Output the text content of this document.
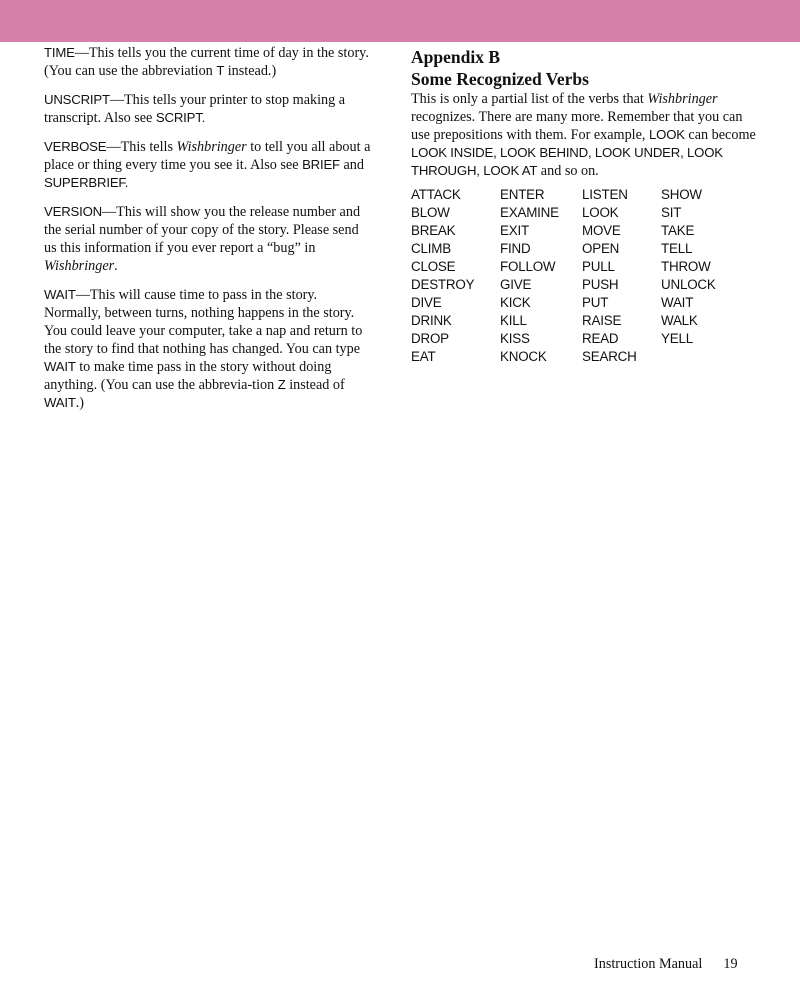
TIME—This tells you the current time of day in the story. (You can use the abbreviation T instead.)

UNSCRIPT—This tells your printer to stop making a transcript. Also see SCRIPT.

VERBOSE—This tells Wishbringer to tell you all about a place or thing every time you see it. Also see BRIEF and SUPERBRIEF.

VERSION—This will show you the release number and the serial number of your copy of the story. Please send us this information if you ever report a “bug” in Wishbringer.

WAIT—This will cause time to pass in the story. Normally, between turns, nothing happens in the story. You could leave your computer, take a nap and return to the story to find that nothing has changed. You can type WAIT to make time pass in the story without doing anything. (You can use the abbrevia-tion Z instead of WAIT.)

Appendix B
Some Recognized Verbs

This is only a partial list of the verbs that Wishbringer recognizes. There are many more. Remember that you can use prepositions with them. For example, LOOK can become LOOK INSIDE, LOOK BEHIND, LOOK UNDER, LOOK THROUGH, LOOK AT and so on.

ATTACK
BLOW
BREAK
CLIMB
CLOSE
DESTROY
DIVE
DRINK
DROP
EAT
ENTER
EXAMINE
EXIT
FIND
FOLLOW
GIVE
KICK
KILL
KISS
KNOCK
LISTEN
LOOK
MOVE
OPEN
PULL
PUSH
PUT
RAISE
READ
SEARCH
SHOW
SIT
TAKE
TELL
THROW
UNLOCK
WAIT
WALK
YELL
Instruction Manual 19
